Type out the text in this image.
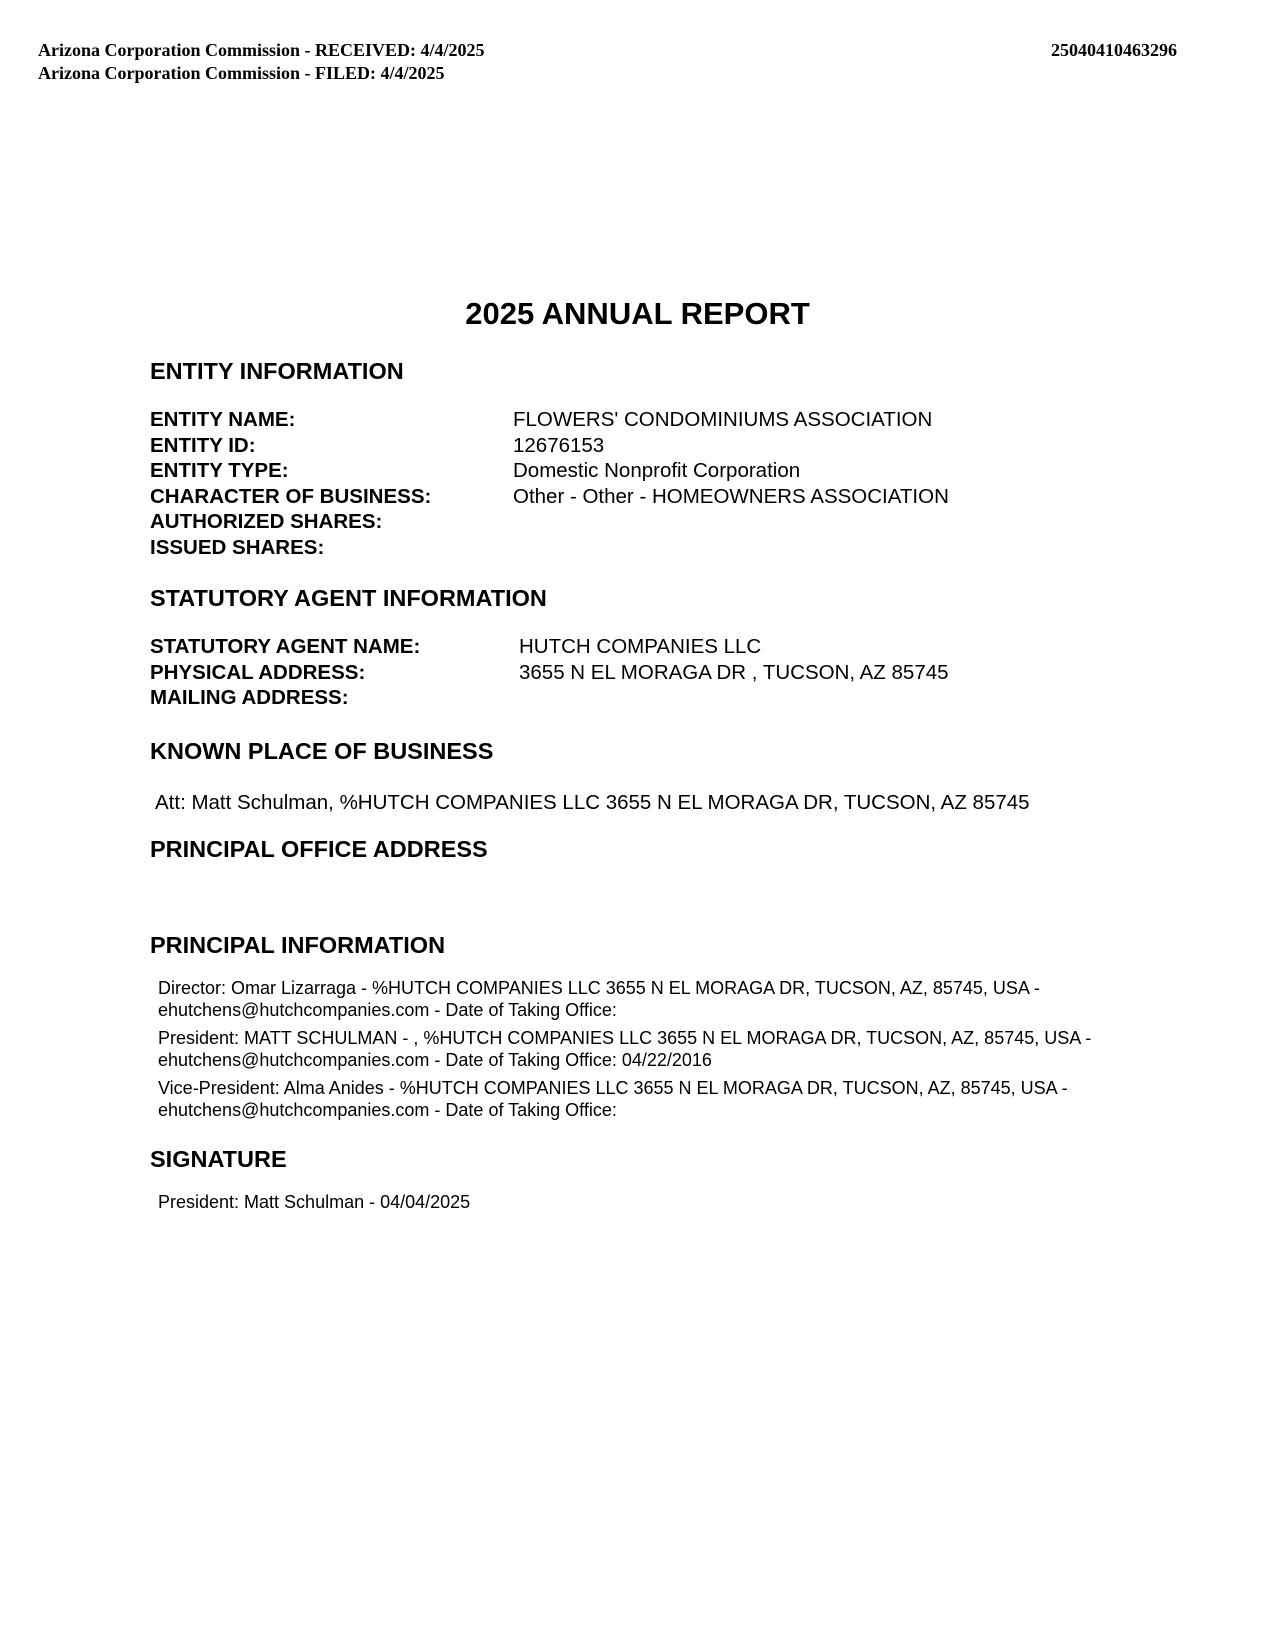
Arizona Corporation Commission - RECEIVED: 4/4/2025
Arizona Corporation Commission - FILED: 4/4/2025
25040410463296
2025 ANNUAL REPORT
ENTITY INFORMATION
ENTITY NAME:	FLOWERS' CONDOMINIUMS ASSOCIATION
ENTITY ID:	12676153
ENTITY TYPE:	Domestic Nonprofit Corporation
CHARACTER OF BUSINESS:	Other - Other - HOMEOWNERS ASSOCIATION
AUTHORIZED SHARES:
ISSUED SHARES:
STATUTORY AGENT INFORMATION
STATUTORY AGENT NAME:	HUTCH COMPANIES LLC
PHYSICAL ADDRESS:	3655 N EL MORAGA DR , TUCSON, AZ 85745
MAILING ADDRESS:
KNOWN PLACE OF BUSINESS
Att: Matt Schulman, %HUTCH COMPANIES LLC 3655 N EL MORAGA DR, TUCSON, AZ 85745
PRINCIPAL OFFICE ADDRESS
PRINCIPAL INFORMATION

Director: Omar Lizarraga - %HUTCH COMPANIES LLC 3655 N EL MORAGA DR, TUCSON, AZ, 85745, USA - ehutchens@hutchcompanies.com - Date of Taking Office:

President: MATT SCHULMAN - , %HUTCH COMPANIES LLC 3655 N EL MORAGA DR, TUCSON, AZ, 85745, USA - ehutchens@hutchcompanies.com - Date of Taking Office: 04/22/2016

Vice-President: Alma Anides - %HUTCH COMPANIES LLC 3655 N EL MORAGA DR, TUCSON, AZ, 85745, USA - ehutchens@hutchcompanies.com - Date of Taking Office:

SIGNATURE
President: Matt Schulman - 04/04/2025
